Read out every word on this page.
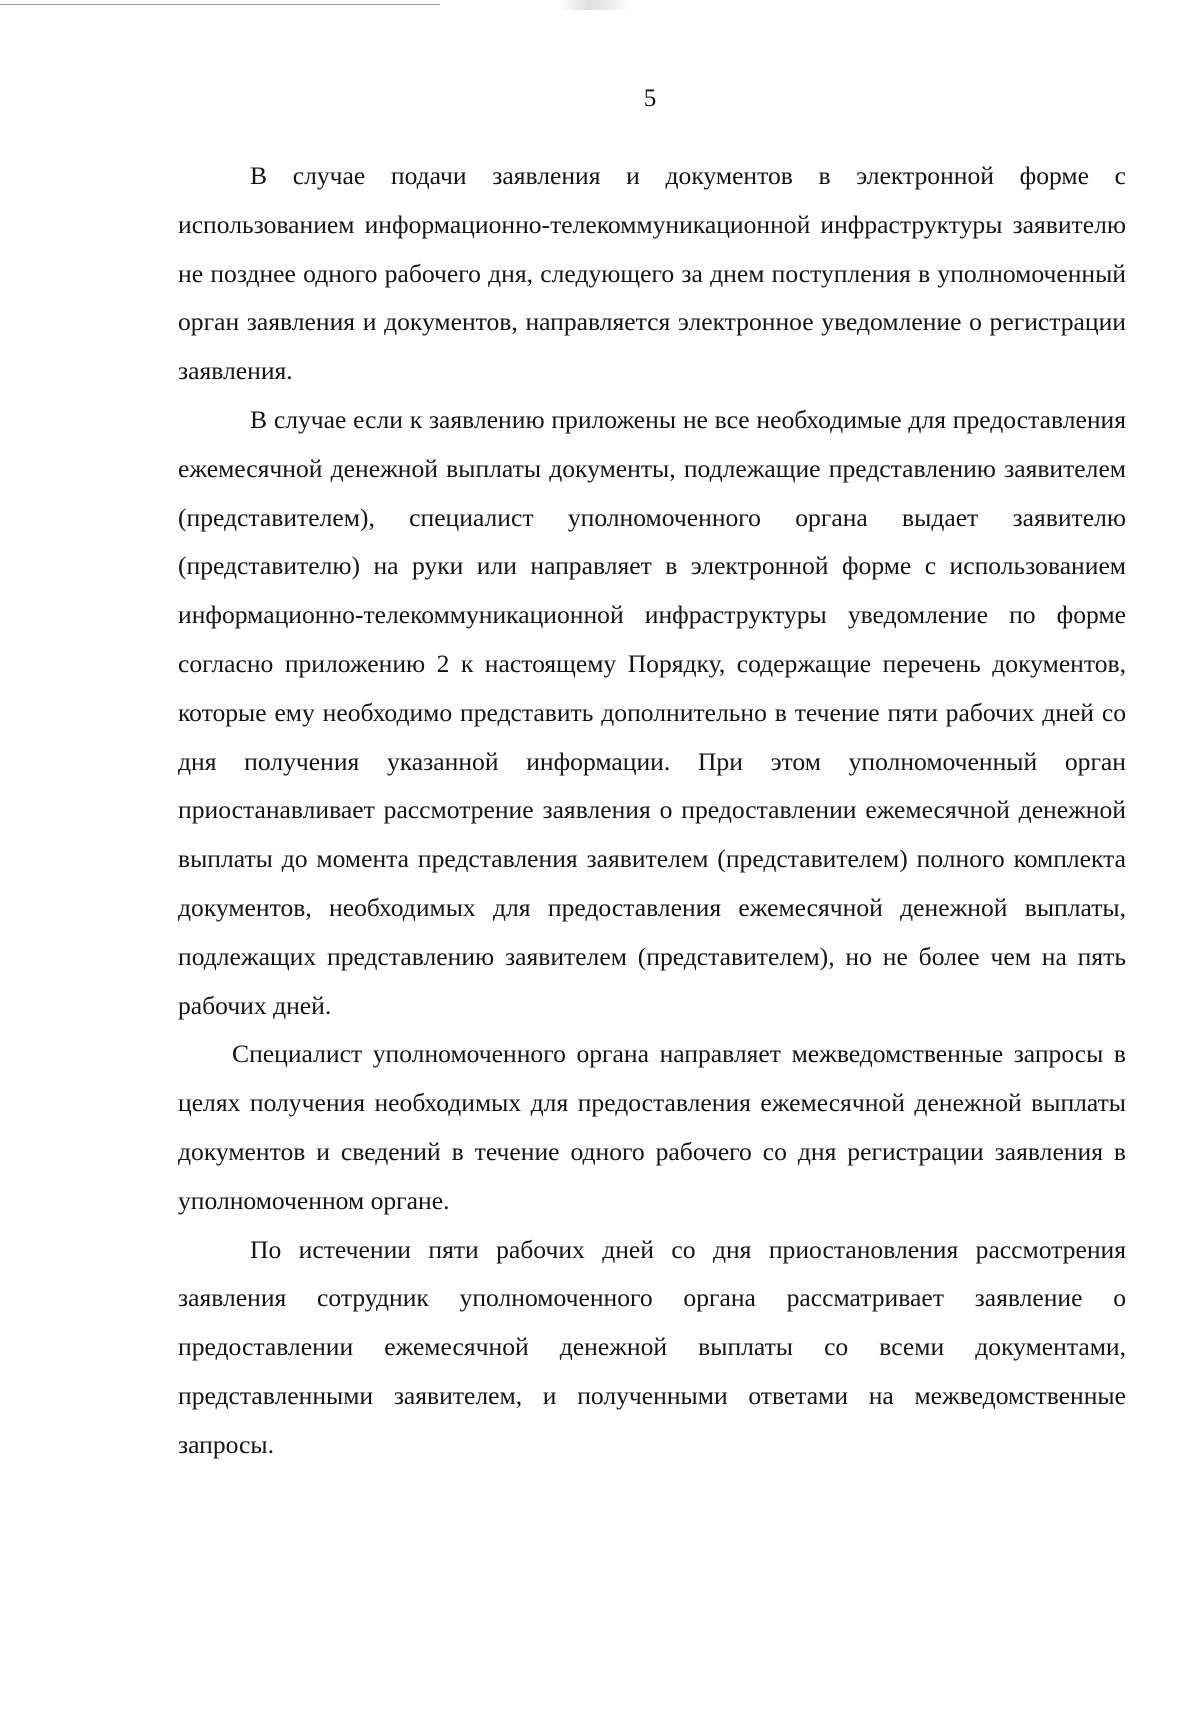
5

В случае подачи заявления и документов в электронной форме с использованием информационно-телекоммуникационной инфраструктуры заявителю не позднее одного рабочего дня, следующего за днем поступления в уполномоченный орган заявления и документов, направляется электронное уведомление о регистрации заявления.

В случае если к заявлению приложены не все необходимые для предоставления ежемесячной денежной выплаты документы, подлежащие представлению заявителем (представителем), специалист уполномоченного органа выдает заявителю (представителю) на руки или направляет в электронной форме с использованием информационно-телекоммуникационной инфраструктуры уведомление по форме согласно приложению 2 к настоящему Порядку, содержащие перечень документов, которые ему необходимо представить дополнительно в течение пяти рабочих дней со дня получения указанной информации. При этом уполномоченный орган приостанавливает рассмотрение заявления о предоставлении ежемесячной денежной выплаты до момента представления заявителем (представителем) полного комплекта документов, необходимых для предоставления ежемесячной денежной выплаты, подлежащих представлению заявителем (представителем), но не более чем на пять рабочих дней.

Специалист уполномоченного органа направляет межведомственные запросы в целях получения необходимых для предоставления ежемесячной денежной выплаты документов и сведений в течение одного рабочего со дня регистрации заявления в уполномоченном органе.

По истечении пяти рабочих дней со дня приостановления рассмотрения заявления сотрудник уполномоченного органа рассматривает заявление о предоставлении ежемесячной денежной выплаты со всеми документами, представленными заявителем, и полученными ответами на межведомственные запросы.
